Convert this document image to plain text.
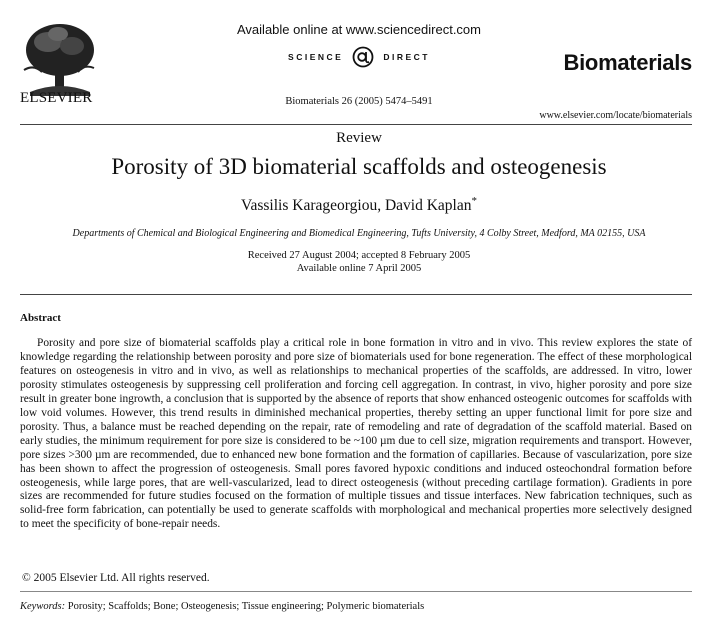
ELSEVIER
Available online at www.sciencedirect.com
SCIENCE	DIRECT
Biomaterials 26 (2005) 5474–5491
Biomaterials
www.elsevier.com/locate/biomaterials
Review
Porosity of 3D biomaterial scaffolds and osteogenesis
Vassilis Karageorgiou, David Kaplan*
Departments of Chemical and Biological Engineering and Biomedical Engineering, Tufts University, 4 Colby Street, Medford, MA 02155, USA
Received 27 August 2004; accepted 8 February 2005
Available online 7 April 2005
Abstract
Porosity and pore size of biomaterial scaffolds play a critical role in bone formation in vitro and in vivo. This review explores the state of knowledge regarding the relationship between porosity and pore size of biomaterials used for bone regeneration. The effect of these morphological features on osteogenesis in vitro and in vivo, as well as relationships to mechanical properties of the scaffolds, are addressed. In vitro, lower porosity stimulates osteogenesis by suppressing cell proliferation and forcing cell aggregation. In contrast, in vivo, higher porosity and pore size result in greater bone ingrowth, a conclusion that is supported by the absence of reports that show enhanced osteogenic outcomes for scaffolds with low void volumes. However, this trend results in diminished mechanical properties, thereby setting an upper functional limit for pore size and porosity. Thus, a balance must be reached depending on the repair, rate of remodeling and rate of degradation of the scaffold material. Based on early studies, the minimum requirement for pore size is considered to be ~100 µm due to cell size, migration requirements and transport. However, pore sizes >300 µm are recommended, due to enhanced new bone formation and the formation of capillaries. Because of vascularization, pore size has been shown to affect the progression of osteogenesis. Small pores favored hypoxic conditions and induced osteochondral formation before osteogenesis, while large pores, that are well-vascularized, lead to direct osteogenesis (without preceding cartilage formation). Gradients in pore sizes are recommended for future studies focused on the formation of multiple tissues and tissue interfaces. New fabrication techniques, such as solid-free form fabrication, can potentially be used to generate scaffolds with morphological and mechanical properties more selectively designed to meet the specificity of bone-repair needs.
© 2005 Elsevier Ltd. All rights reserved.
Keywords: Porosity; Scaffolds; Bone; Osteogenesis; Tissue engineering; Polymeric biomaterials
